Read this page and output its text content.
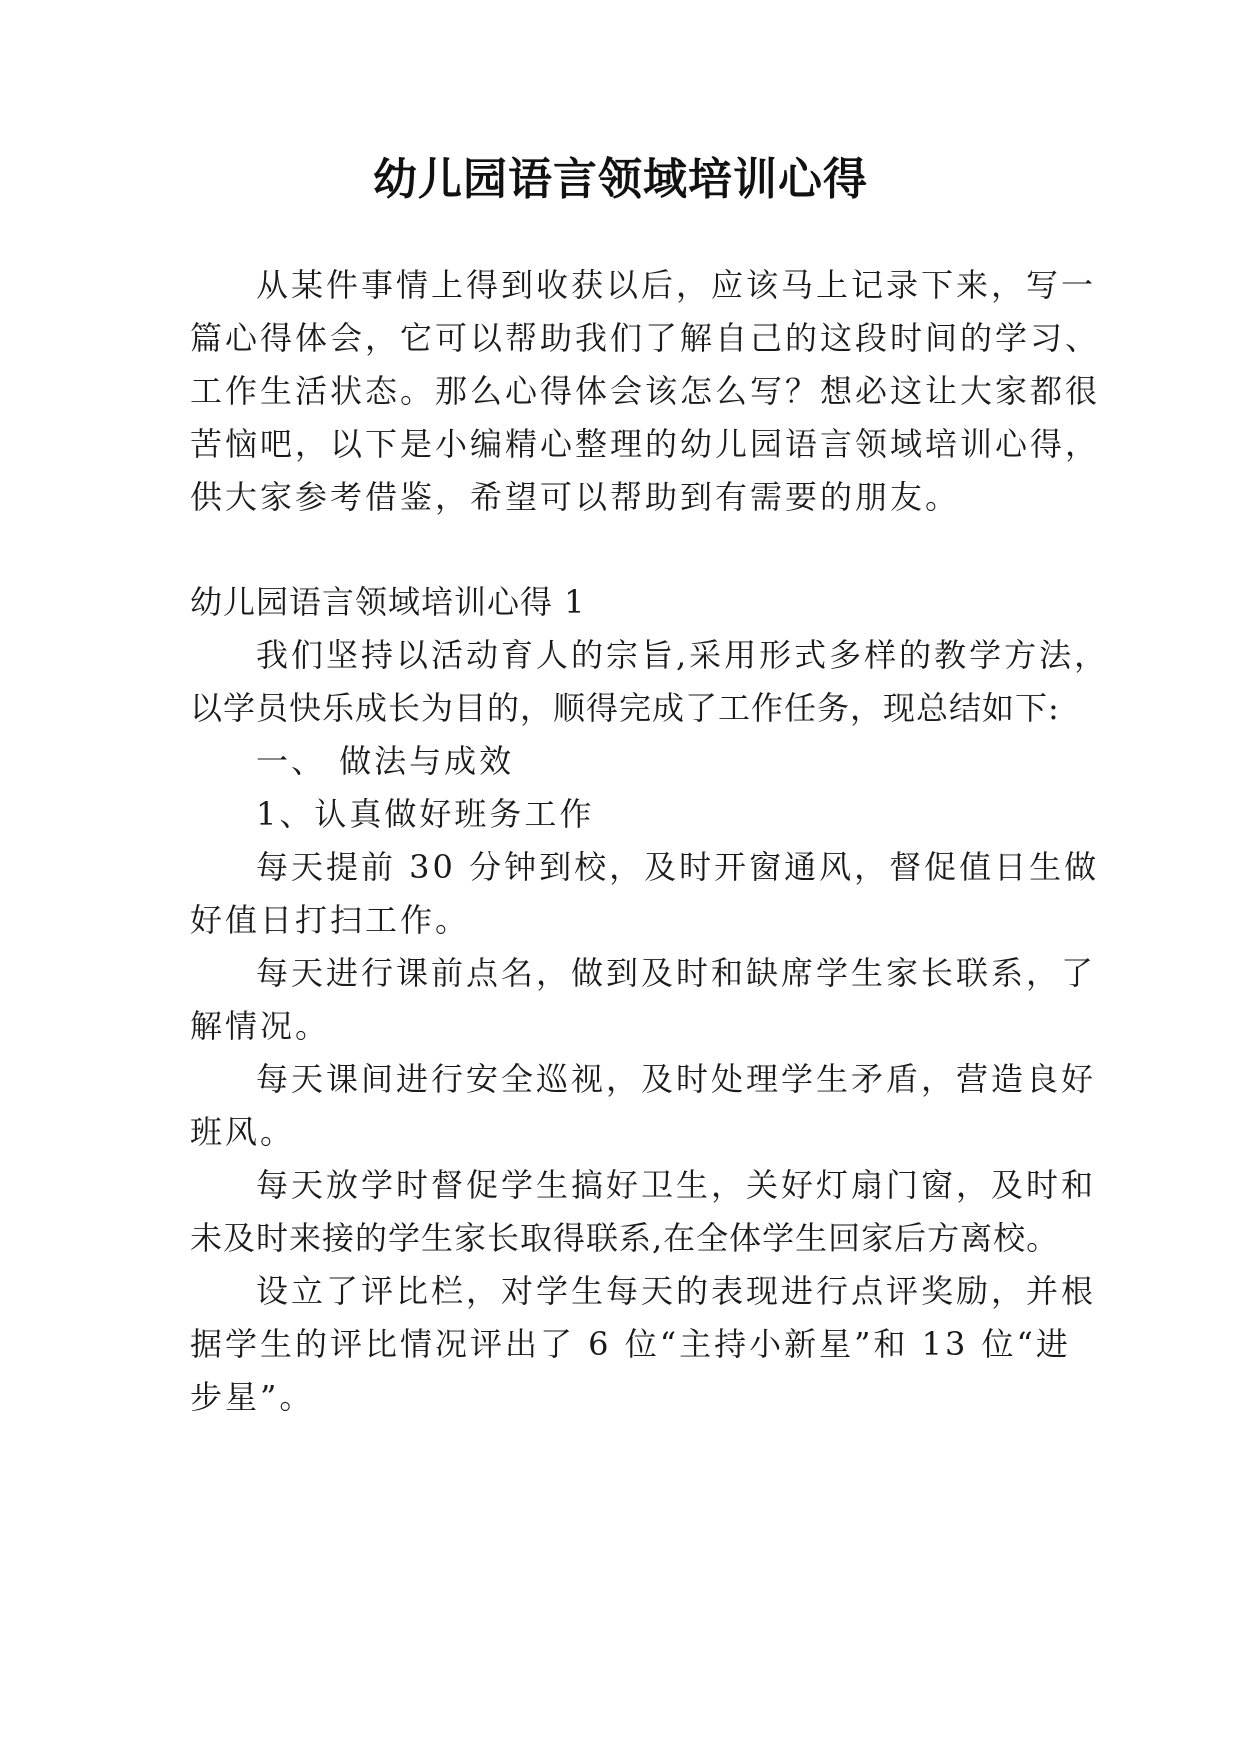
幼儿园语言领域培训心得
从某件事情上得到收获以后，应该马上记录下来，写一
篇心得体会，它可以帮助我们了解自己的这段时间的学习、
工作生活状态。那么心得体会该怎么写？想必这让大家都很
苦恼吧，以下是小编精心整理的幼儿园语言领域培训心得，
供大家参考借鉴，希望可以帮助到有需要的朋友。
幼儿园语言领域培训心得 1
我们坚持以活动育人的宗旨,采用形式多样的教学方法，
以学员快乐成长为目的，顺得完成了工作任务，现总结如下:
一、 做法与成效
1、认真做好班务工作
每天提前 30 分钟到校，及时开窗通风，督促值日生做
好值日打扫工作。
每天进行课前点名，做到及时和缺席学生家长联系，了
解情况。
每天课间进行安全巡视，及时处理学生矛盾，营造良好
班风。
每天放学时督促学生搞好卫生，关好灯扇门窗，及时和
未及时来接的学生家长取得联系,在全体学生回家后方离校。
设立了评比栏，对学生每天的表现进行点评奖励，并根
据学生的评比情况评出了 6 位“主持小新星”和 13 位“进
步星”。
